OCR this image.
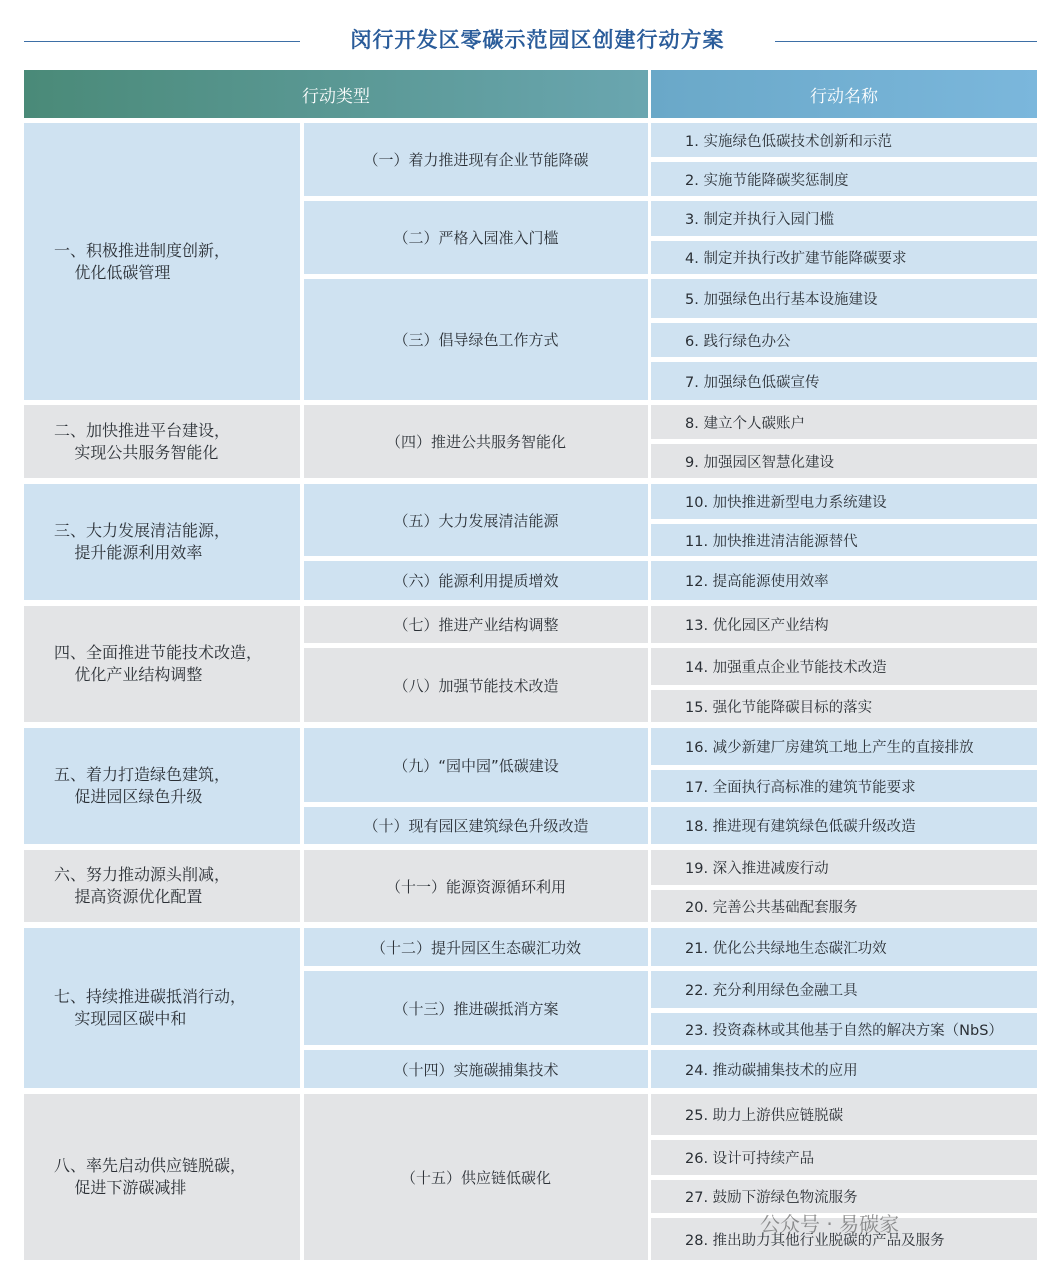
闵行开发区零碳示范园区创建行动方案
行动类型	行动名称
一、积极推进制度创新，
优化低碳管理
二、加快推进平台建设，
实现公共服务智能化
三、大力发展清洁能源，
提升能源利用效率
四、全面推进节能技术改造，
优化产业结构调整
五、着力打造绿色建筑，
促进园区绿色升级
六、努力推动源头削减，
提高资源优化配置
七、持续推进碳抵消行动，
实现园区碳中和
八、率先启动供应链脱碳，
促进下游碳减排
（一）着力推进现有企业节能降碳
（二）严格入园准入门槛
（三）倡导绿色工作方式
（四）推进公共服务智能化
（五）大力发展清洁能源
（六）能源利用提质增效
（七）推进产业结构调整
（八）加强节能技术改造
（九）“园中园”低碳建设
（十）现有园区建筑绿色升级改造
（十一）能源资源循环利用
（十二）提升园区生态碳汇功效
（十三）推进碳抵消方案
（十四）实施碳捕集技术
（十五）供应链低碳化
1. 实施绿色低碳技术创新和示范
2. 实施节能降碳奖惩制度
3. 制定并执行入园门槛
4. 制定并执行改扩建节能降碳要求
5. 加强绿色出行基本设施建设
6. 践行绿色办公
7. 加强绿色低碳宣传
8. 建立个人碳账户
9. 加强园区智慧化建设
10. 加快推进新型电力系统建设
11. 加快推进清洁能源替代
12. 提高能源使用效率
13. 优化园区产业结构
14. 加强重点企业节能技术改造
15. 强化节能降碳目标的落实
16. 减少新建厂房建筑工地上产生的直接排放
17. 全面执行高标准的建筑节能要求
18. 推进现有建筑绿色低碳升级改造
19. 深入推进减废行动
20. 完善公共基础配套服务
21. 优化公共绿地生态碳汇功效
22. 充分利用绿色金融工具
23. 投资森林或其他基于自然的解决方案（NbS）
24. 推动碳捕集技术的应用
25. 助力上游供应链脱碳
26. 设计可持续产品
27. 鼓励下游绿色物流服务
28. 推出助力其他行业脱碳的产品及服务
公众号 · 易碳家
